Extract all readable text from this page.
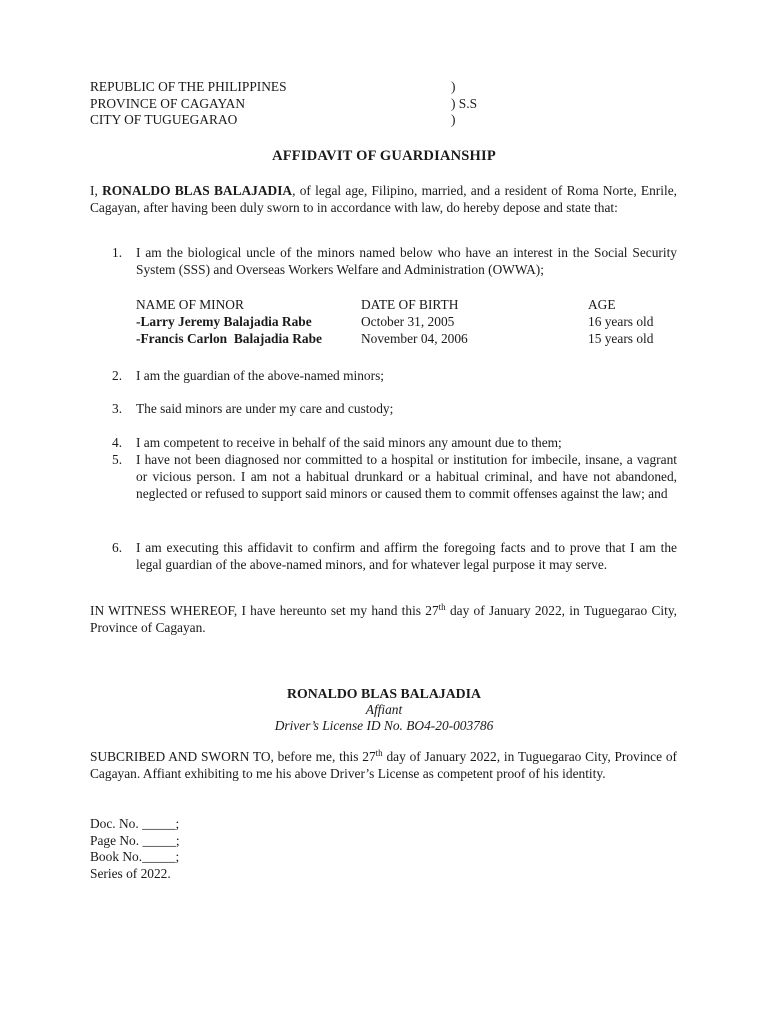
REPUBLIC OF THE PHILIPPINES	)
PROVINCE OF CAGAYAN	) S.S
CITY OF TUGUEGARAO	)
AFFIDAVIT OF GUARDIANSHIP
I, RONALDO BLAS BALAJADIA, of legal age, Filipino, married, and a resident of Roma Norte, Enrile, Cagayan, after having been duly sworn to in accordance with law, do hereby depose and state that:
1. I am the biological uncle of the minors named below who have an interest in the Social Security System (SSS) and Overseas Workers Welfare and Administration (OWWA);
2. I am the guardian of the above-named minors;
3. The said minors are under my care and custody;
4. I am competent to receive in behalf of the said minors any amount due to them;
5. I have not been diagnosed nor committed to a hospital or institution for imbecile, insane, a vagrant or vicious person. I am not a habitual drunkard or a habitual criminal, and have not abandoned, neglected or refused to support said minors or caused them to commit offenses against the law; and
6. I am executing this affidavit to confirm and affirm the foregoing facts and to prove that I am the legal guardian of the above-named minors, and for whatever legal purpose it may serve.
NAME OF MINOR	DATE OF BIRTH	AGE
-Larry Jeremy Balajadia Rabe	October 31, 2005	16 years old
-Francis Carlon  Balajadia Rabe	November 04, 2006	15 years old
IN WITNESS WHEREOF, I have hereunto set my hand this 27th day of January 2022, in Tuguegarao City, Province of Cagayan.
RONALDO BLAS BALAJADIA
Affiant
Driver’s License ID No. BO4-20-003786
SUBCRIBED AND SWORN TO, before me, this 27th day of January 2022, in Tuguegarao City, Province of Cagayan. Affiant exhibiting to me his above Driver’s License as competent proof of his identity.
Doc. No. _____;
Page No. _____;
Book No._____;
Series of 2022.
